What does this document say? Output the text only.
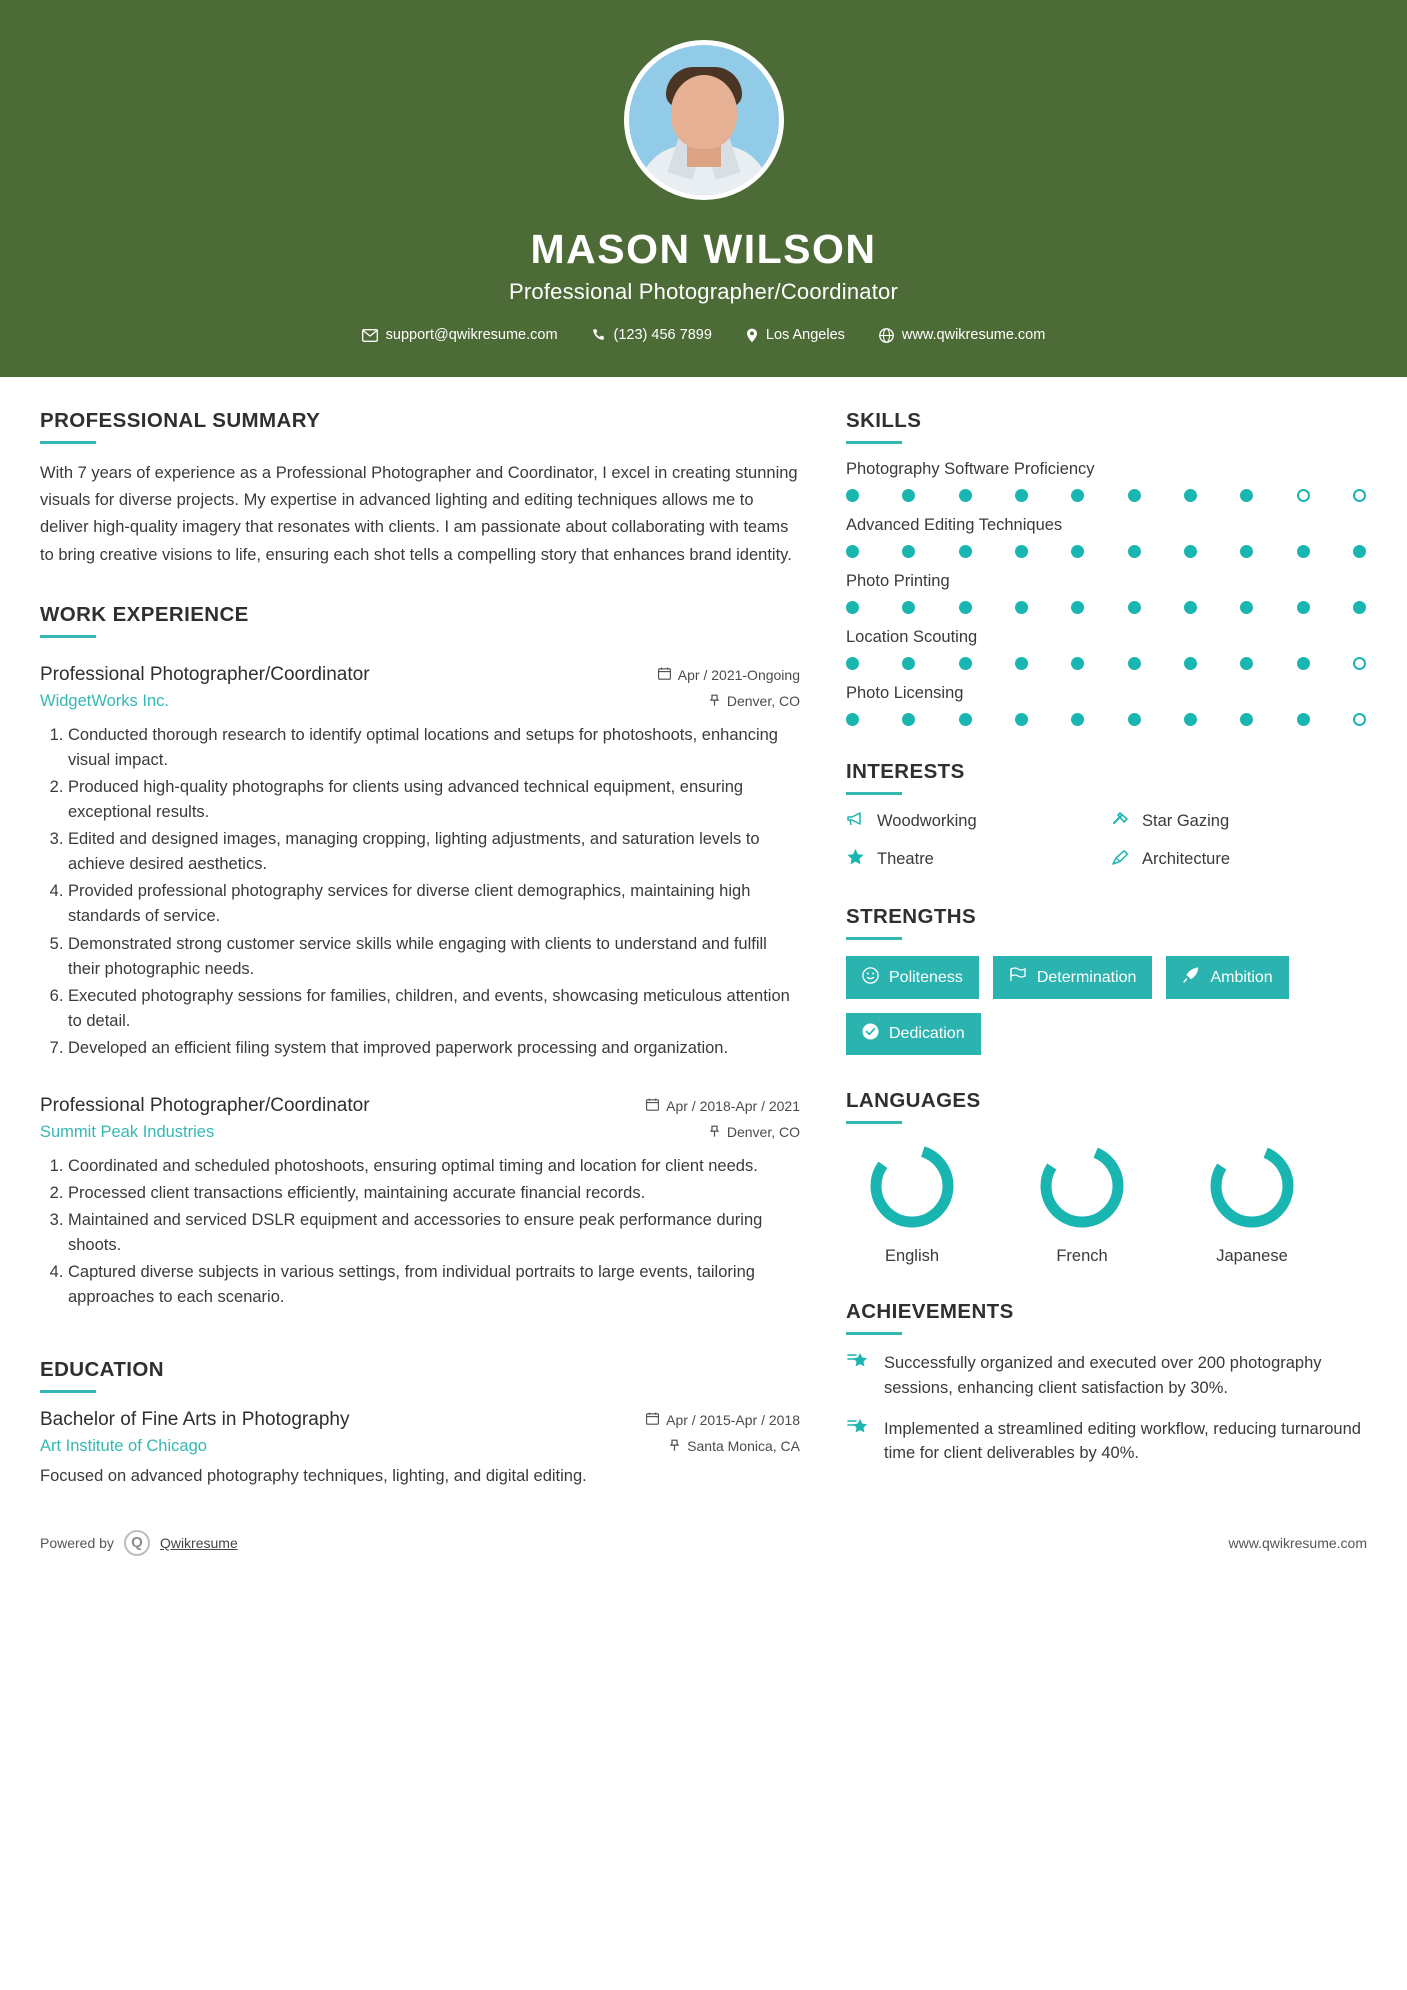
MASON WILSON
Professional Photographer/Coordinator
support@qwikresume.com	(123) 456 7899	Los Angeles	www.qwikresume.com
PROFESSIONAL SUMMARY
With 7 years of experience as a Professional Photographer and Coordinator, I excel in creating stunning visuals for diverse projects. My expertise in advanced lighting and editing techniques allows me to deliver high-quality imagery that resonates with clients. I am passionate about collaborating with teams to bring creative visions to life, ensuring each shot tells a compelling story that enhances brand identity.
WORK EXPERIENCE
Professional Photographer/Coordinator	Apr / 2021-Ongoing
WidgetWorks Inc.	Denver, CO
1. Conducted thorough research to identify optimal locations and setups for photoshoots, enhancing visual impact.
2. Produced high-quality photographs for clients using advanced technical equipment, ensuring exceptional results.
3. Edited and designed images, managing cropping, lighting adjustments, and saturation levels to achieve desired aesthetics.
4. Provided professional photography services for diverse client demographics, maintaining high standards of service.
5. Demonstrated strong customer service skills while engaging with clients to understand and fulfill their photographic needs.
6. Executed photography sessions for families, children, and events, showcasing meticulous attention to detail.
7. Developed an efficient filing system that improved paperwork processing and organization.
Professional Photographer/Coordinator	Apr / 2018-Apr / 2021
Summit Peak Industries	Denver, CO
1. Coordinated and scheduled photoshoots, ensuring optimal timing and location for client needs.
2. Processed client transactions efficiently, maintaining accurate financial records.
3. Maintained and serviced DSLR equipment and accessories to ensure peak performance during shoots.
4. Captured diverse subjects in various settings, from individual portraits to large events, tailoring approaches to each scenario.
EDUCATION
Bachelor of Fine Arts in Photography	Apr / 2015-Apr / 2018
Art Institute of Chicago	Santa Monica, CA
Focused on advanced photography techniques, lighting, and digital editing.
SKILLS
Photography Software Proficiency
Advanced Editing Techniques
Photo Printing
Location Scouting
Photo Licensing
INTERESTS
Woodworking	Star Gazing
Theatre	Architecture
STRENGTHS
Politeness	Determination	Ambition
Dedication
LANGUAGES
English	French	Japanese
ACHIEVEMENTS
Successfully organized and executed over 200 photography sessions, enhancing client satisfaction by 30%.
Implemented a streamlined editing workflow, reducing turnaround time for client deliverables by 40%.
Powered by	Q	Qwikresume	www.qwikresume.com
